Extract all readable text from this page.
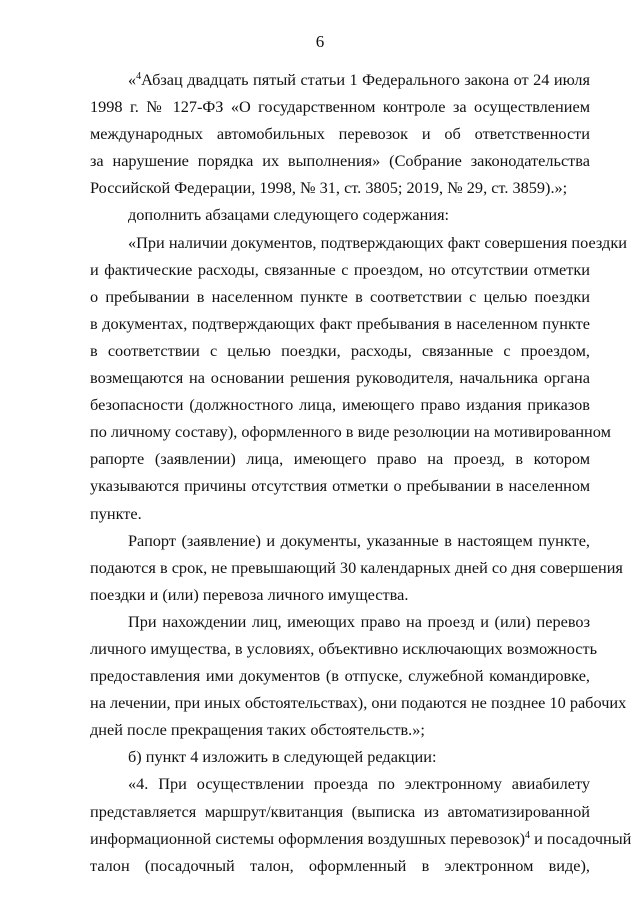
6
«$^4$Абзац двадцать пятый статьи 1 Федерального закона от 24 июля
1998 г. № 127-ФЗ «О государственном контроле за осуществлением
международных автомобильных перевозок и об ответственности
за нарушение порядка их выполнения» (Собрание законодательства
Российской Федерации, 1998, № 31, ст. 3805; 2019, № 29, ст. 3859).»;
дополнить абзацами следующего содержания:
«При наличии документов, подтверждающих факт совершения поездки
и фактические расходы, связанные с проездом, но отсутствии отметки
о пребывании в населенном пункте в соответствии с целью поездки
в документах, подтверждающих факт пребывания в населенном пункте
в соответствии с целью поездки, расходы, связанные с проездом,
возмещаются на основании решения руководителя, начальника органа
безопасности (должностного лица, имеющего право издания приказов
по личному составу), оформленного в виде резолюции на мотивированном
рапорте (заявлении) лица, имеющего право на проезд, в котором
указываются причины отсутствия отметки о пребывании в населенном
пункте.
Рапорт (заявление) и документы, указанные в настоящем пункте,
подаются в срок, не превышающий 30 календарных дней со дня совершения
поездки и (или) перевоза личного имущества.
При нахождении лиц, имеющих право на проезд и (или) перевоз
личного имущества, в условиях, объективно исключающих возможность
предоставления ими документов (в отпуске, служебной командировке,
на лечении, при иных обстоятельствах), они подаются не позднее 10 рабочих
дней после прекращения таких обстоятельств.»;
б) пункт 4 изложить в следующей редакции:
«4. При осуществлении проезда по электронному авиабилету
представляется маршрут/квитанция (выписка из автоматизированной
информационной системы оформления воздушных перевозок)$^4$ и посадочный
талон (посадочный талон, оформленный в электронном виде),
